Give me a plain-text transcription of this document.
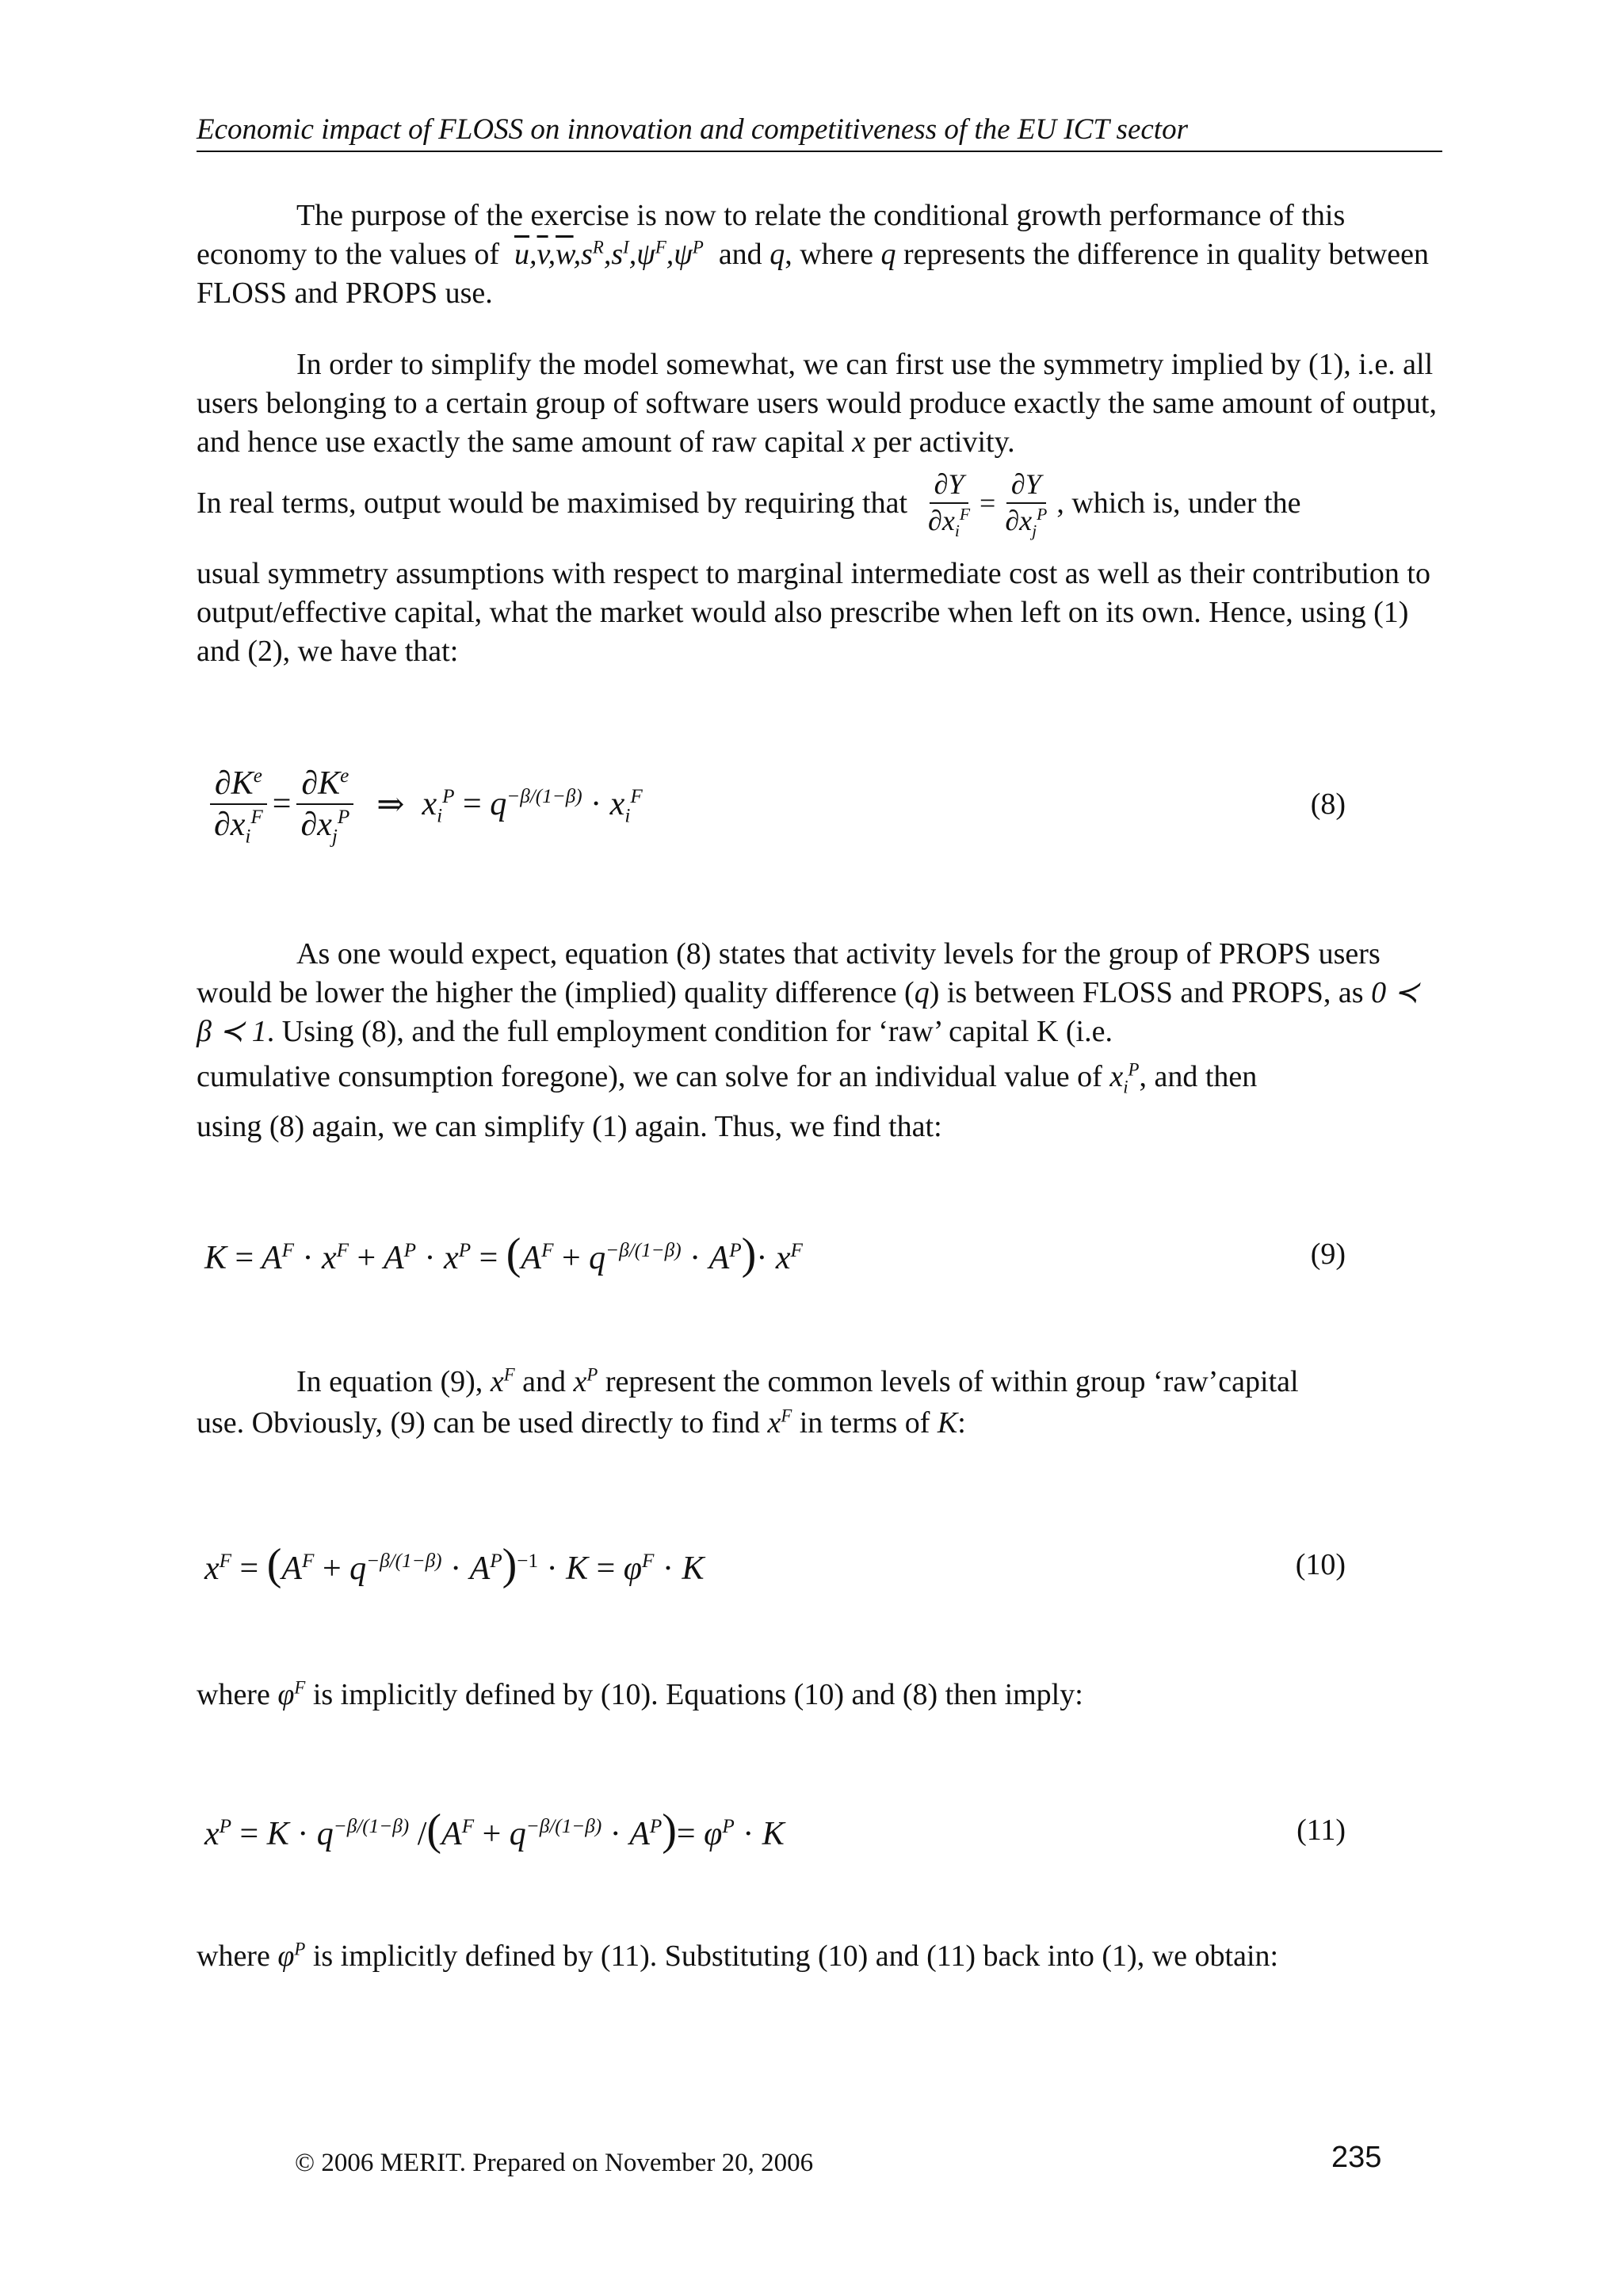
Economic impact of FLOSS on innovation and competitiveness of the EU ICT sector

The purpose of the exercise is now to relate the conditional growth performance of this economy to the values of $\overline{u},\overline{v},\overline{w},s^R,s^I,\psi^F,\psi^P$ and q, where q represents the difference in quality between FLOSS and PROPS use.

In order to simplify the model somewhat, we can first use the symmetry implied by (1), i.e. all users belonging to a certain group of software users would produce exactly the same amount of output, and hence use exactly the same amount of raw capital x per activity.

In real terms, output would be maximised by requiring that $\frac{\partial Y}{\partial x_i^F} = \frac{\partial Y}{\partial x_j^P}$ , which is, under the

usual symmetry assumptions with respect to marginal intermediate cost as well as their contribution to output/effective capital, what the market would also prescribe when left on its own. Hence, using (1) and (2), we have that:

$\frac{\partial K^e}{\partial x_i^F} = \frac{\partial K^e}{\partial x_j^P}$ ⇒ $x_i^P = q^{-\beta/(1-\beta)} \cdot x_i^F$	(8)

As one would expect, equation (8) states that activity levels for the group of PROPS users would be lower the higher the (implied) quality difference (q) is between FLOSS and PROPS, as 0 ≺ β ≺ 1. Using (8), and the full employment condition for ‘raw’ capital K (i.e.

cumulative consumption foregone), we can solve for an individual value of $x_i^P$, and then

using (8) again, we can simplify (1) again. Thus, we find that:

$K = A^F \cdot x^F + A^P \cdot x^P = (A^F + q^{-\beta/(1-\beta)} \cdot A^P)\cdot x^F$	(9)

In equation (9), $x^F$ and $x^P$ represent the common levels of within group ‘raw’capital

use. Obviously, (9) can be used directly to find $x^F$ in terms of K:

$x^F = (A^F + q^{-\beta/(1-\beta)} \cdot A^P)^{-1} \cdot K = \varphi^F \cdot K$	(10)

where $\varphi^F$ is implicitly defined by (10). Equations (10) and (8) then imply:

$x^P = K \cdot q^{-\beta/(1-\beta)}$ $/(A^F + q^{-\beta/(1-\beta)} \cdot A^P)= \varphi^P \cdot K$	(11)

where $\varphi^P$ is implicitly defined by (11). Substituting (10) and (11) back into (1), we obtain:

© 2006 MERIT. Prepared on November 20, 2006	235
